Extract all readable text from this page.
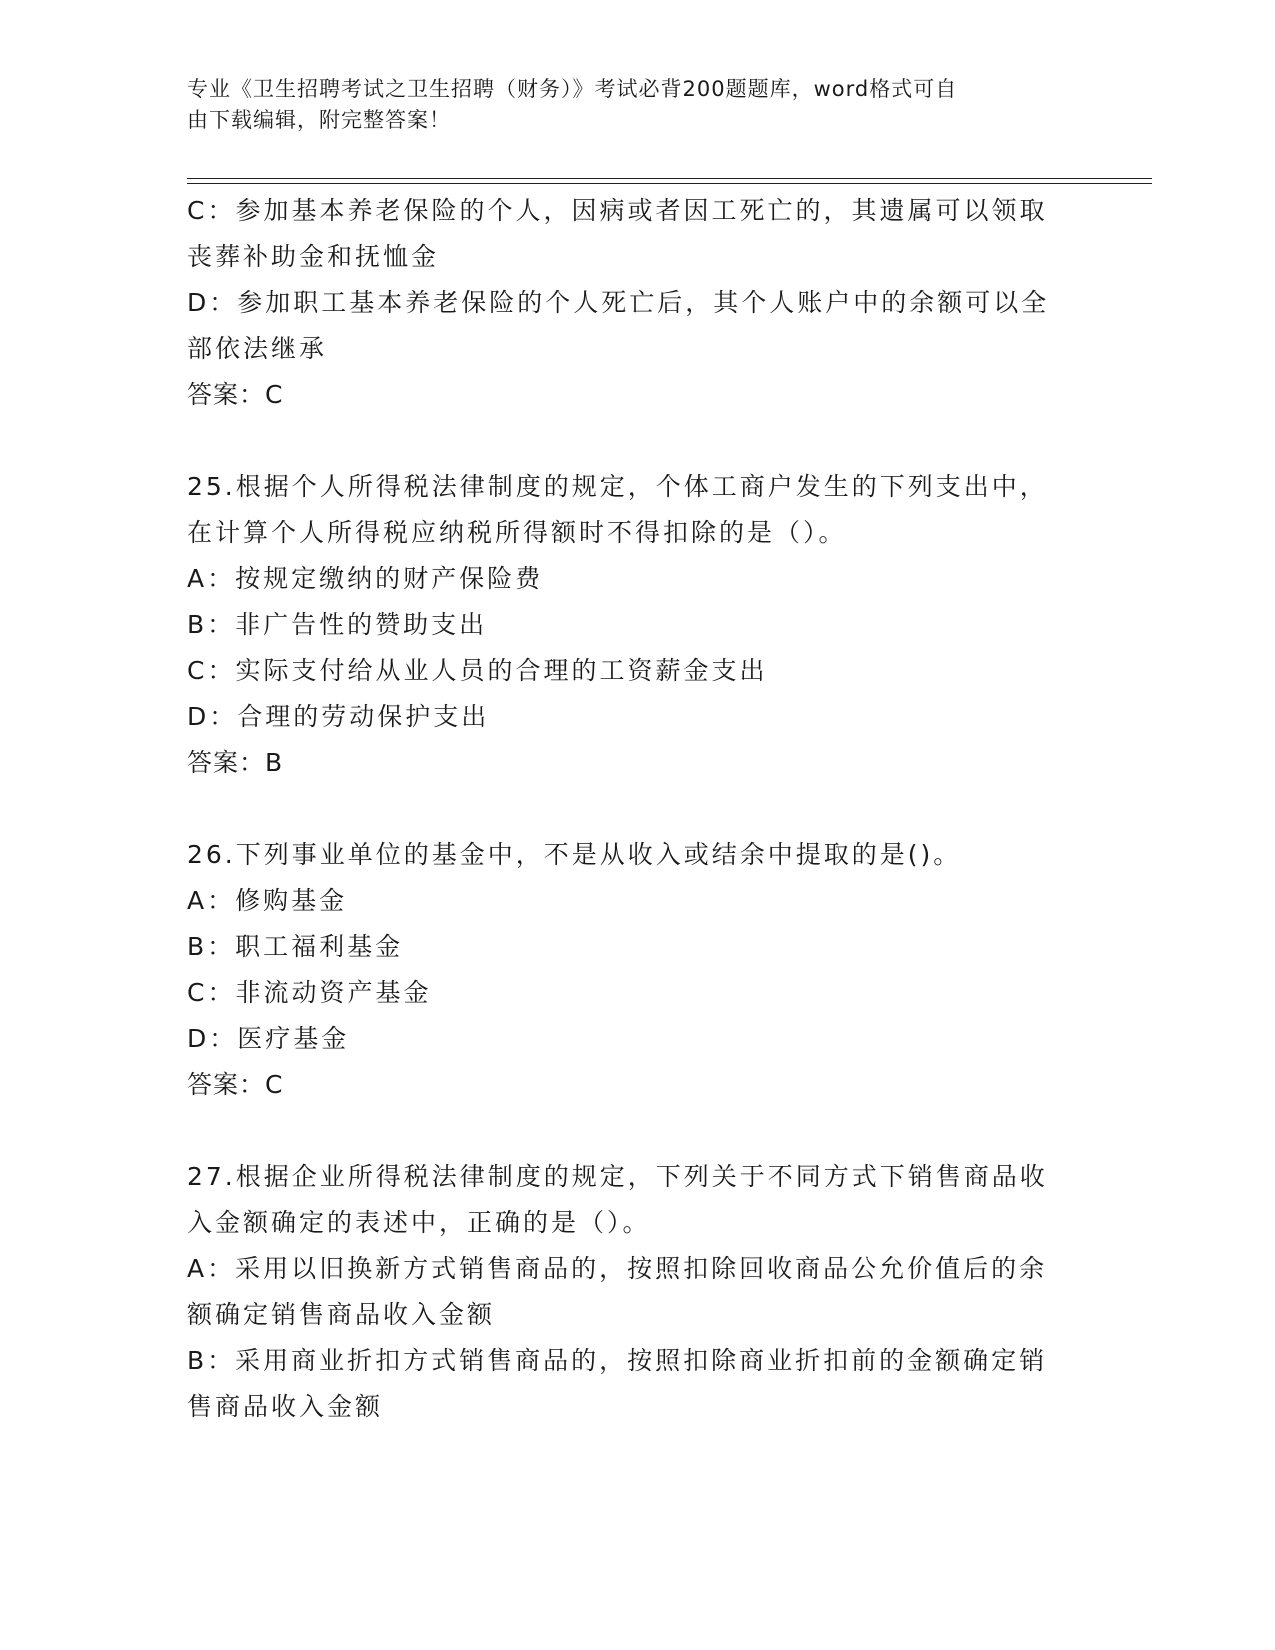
专业《卫生招聘考试之卫生招聘（财务）》考试必背200题题库，word格式可自
由下载编辑，附完整答案！

C：参加基本养老保险的个人，因病或者因工死亡的，其遗属可以领取

丧葬补助金和抚恤金

D：参加职工基本养老保险的个人死亡后，其个人账户中的余额可以全

部依法继承

答案：C

25.根据个人所得税法律制度的规定，个体工商户发生的下列支出中，

在计算个人所得税应纳税所得额时不得扣除的是（）。

A：按规定缴纳的财产保险费

B：非广告性的赞助支出

C：实际支付给从业人员的合理的工资薪金支出

D：合理的劳动保护支出

答案：B

26.下列事业单位的基金中，不是从收入或结余中提取的是()。

A：修购基金

B：职工福利基金

C：非流动资产基金

D：医疗基金

答案：C

27.根据企业所得税法律制度的规定，下列关于不同方式下销售商品收

入金额确定的表述中，正确的是（）。

A：采用以旧换新方式销售商品的，按照扣除回收商品公允价值后的余

额确定销售商品收入金额

B：采用商业折扣方式销售商品的，按照扣除商业折扣前的金额确定销

售商品收入金额
